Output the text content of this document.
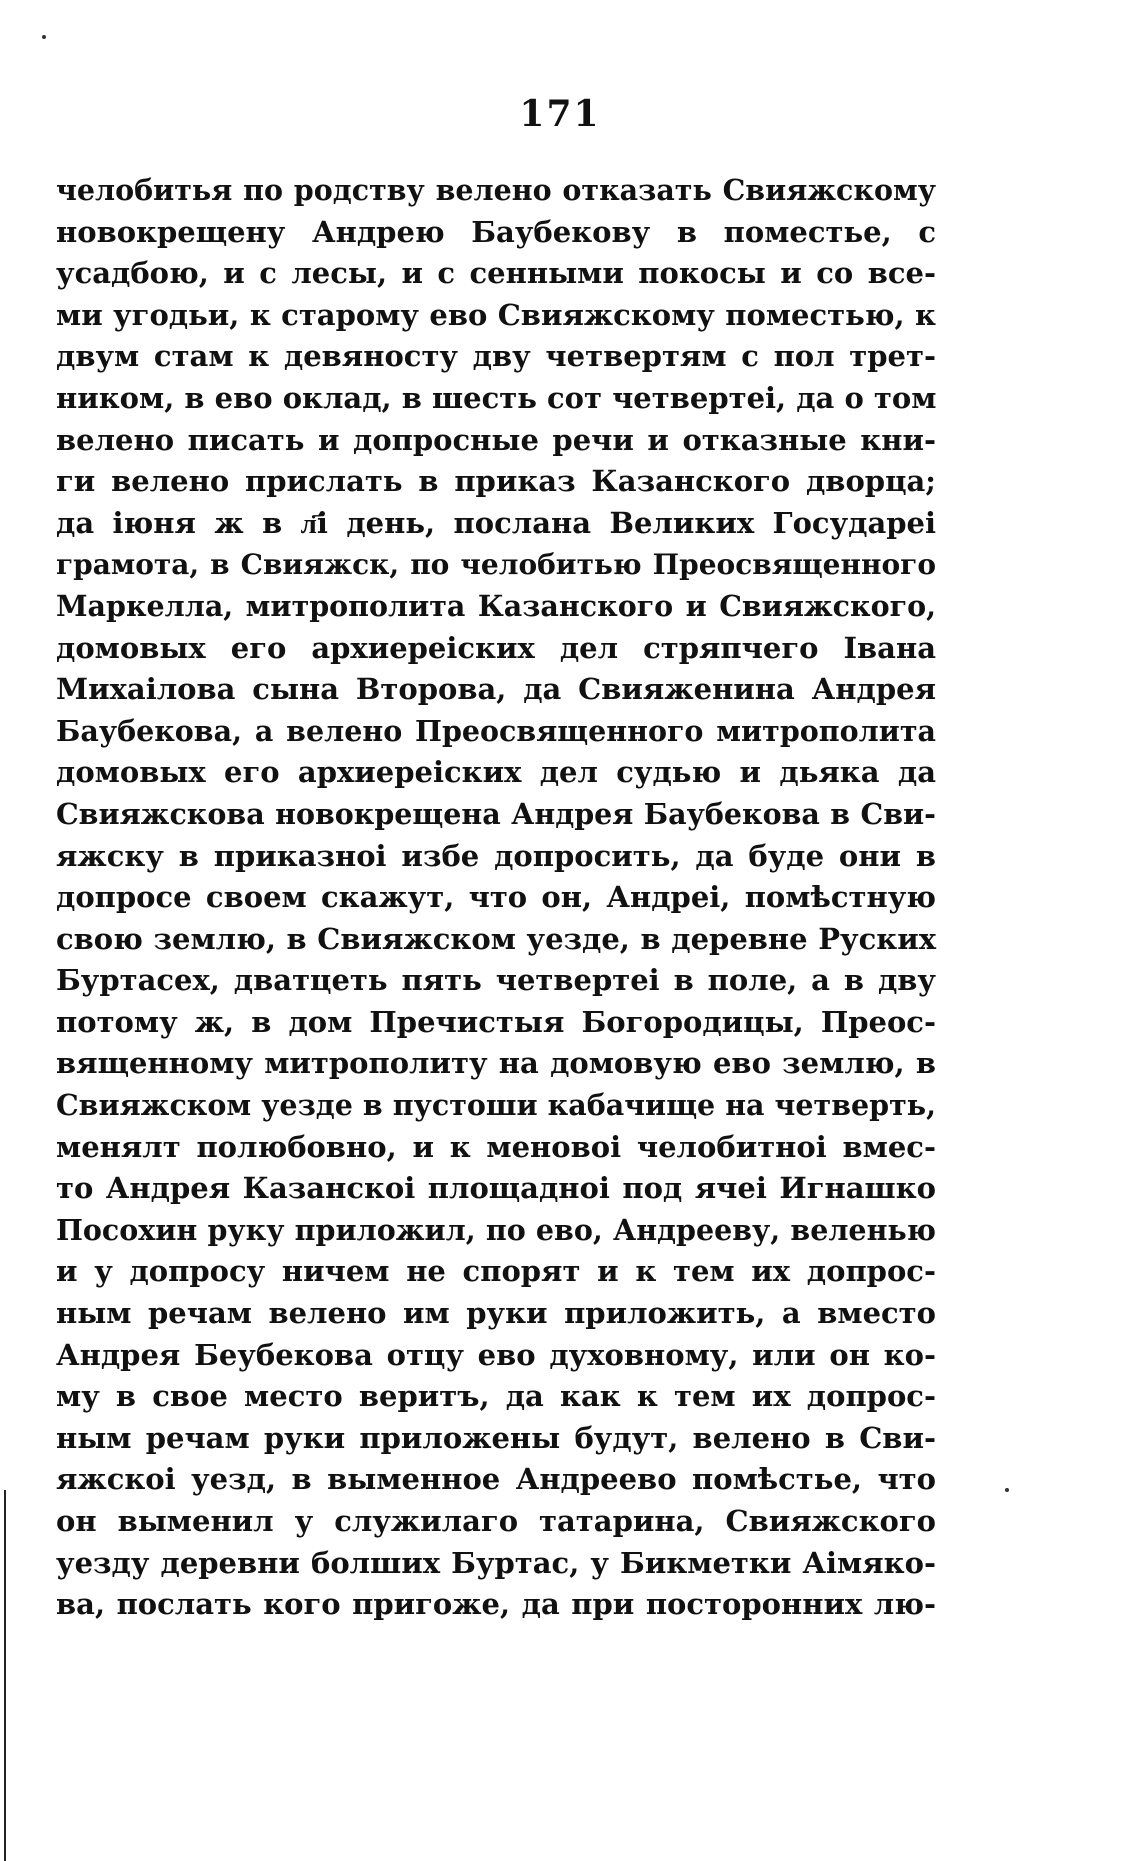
171
челобитья по родству велено отказать Свияжскому
новокрещену Андрею Баубекову в поместье, с
усадбою, и с лесы, и с сенными покосы и со все-
ми угодьи, к старому ево Свияжскому поместью, к
двум стам к девяносту дву четвертям с пол трет-
ником, в ево оклад, в шесть сот четвертеі, да о том
велено писать и допросные речи и отказные кни-
ги велено прислать в приказ Казанского дворца;
да іюня ж в л҃і день, послана Великих Государеі
грамота, в Свияжск, по челобитью Преосвященного
Маркелла, митрополита Казанского и Свияжского,
домовых его архиереіских дел стряпчего Івана
Михаілова сына Второва, да Свияженина Андрея
Баубекова, а велено Преосвященного митрополита
домовых его архиереіских дел судью и дьяка да
Свияжскова новокрещена Андрея Баубекова в Сви-
яжску в приказноі избе допросить, да буде они в
допросе своем скажут, что он, Андреі, помѣстную
свою землю, в Свияжском уезде, в деревне Руских
Буртасех, дватцеть пять четвертеі в поле, а в дву
потому ж, в дом Пречистыя Богородицы, Преос-
вященному митрополиту на домовую ево землю, в
Свияжском уезде в пустоши кабачище на четверть,
менялт полюбовно, и к меновоі челобитноі вмес-
то Андрея Казанскоі площадноі под ячеі Игнашко
Посохин руку приложил, по ево, Андрееву, веленью
и у допросу ничем не спорят и к тем их допрос-
ным речам велено им руки приложить, а вместо
Андрея Беубекова отцу ево духовному, или он ко-
му в свое место веритъ, да как к тем их допрос-
ным речам руки приложены будут, велено в Сви-
яжскоі уезд, в выменное Андреево помѣстье, что
он выменил у служилаго татарина, Свияжского
уезду деревни болших Буртас, у Бикметки Аімяко-
ва, послать кого пригоже, да при посторонних лю-
